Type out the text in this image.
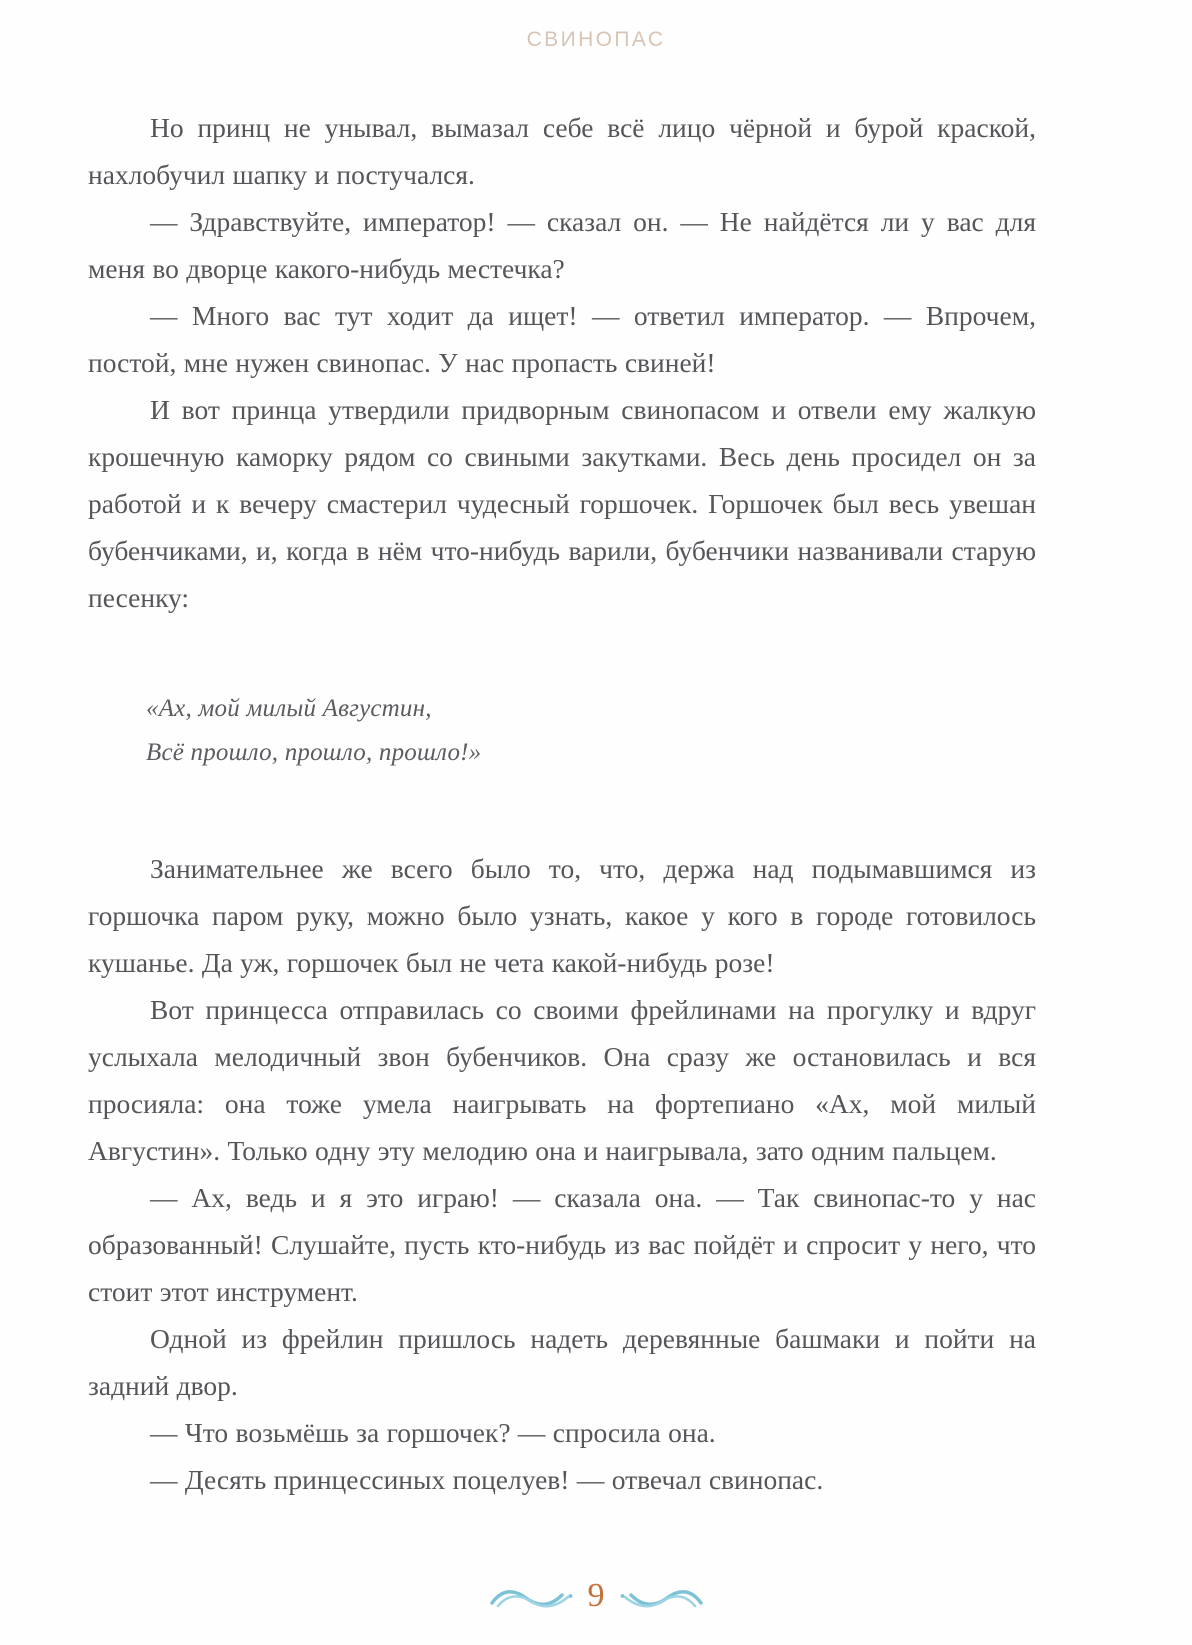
СВИНОПАС

Но принц не унывал, вымазал себе всё лицо чёрной и бурой краской, нахлобучил шапку и постучался.

— Здравствуйте, император! — сказал он. — Не найдётся ли у вас для меня во дворце какого-нибудь местечка?

— Много вас тут ходит да ищет! — ответил император. — Впрочем, постой, мне нужен свинопас. У нас пропасть свиней!

И вот принца утвердили придворным свинопасом и отвели ему жалкую крошечную каморку рядом со свиными закутками. Весь день просидел он за работой и к вечеру смастерил чудесный горшочек. Горшочек был весь увешан бубенчиками, и, когда в нём что-нибудь варили, бубенчики названивали старую песенку:

«Ах, мой милый Августин,
Всё прошло, прошло, прошло!»

Занимательнее же всего было то, что, держа над подымавшимся из горшочка паром руку, можно было узнать, какое у кого в городе готовилось кушанье. Да уж, горшочек был не чета какой-нибудь розе!

Вот принцесса отправилась со своими фрейлинами на прогулку и вдруг услыхала мелодичный звон бубенчиков. Она сразу же остановилась и вся просияла: она тоже умела наигрывать на фортепиано «Ах, мой милый Августин». Только одну эту мелодию она и наигрывала, зато одним пальцем.

— Ах, ведь и я это играю! — сказала она. — Так свинопас-то у нас образованный! Слушайте, пусть кто-нибудь из вас пойдёт и спросит у него, что стоит этот инструмент.

Одной из фрейлин пришлось надеть деревянные башмаки и пойти на задний двор.

— Что возьмёшь за горшочек? — спросила она.

— Десять принцессиных поцелуев! — отвечал свинопас.

9
